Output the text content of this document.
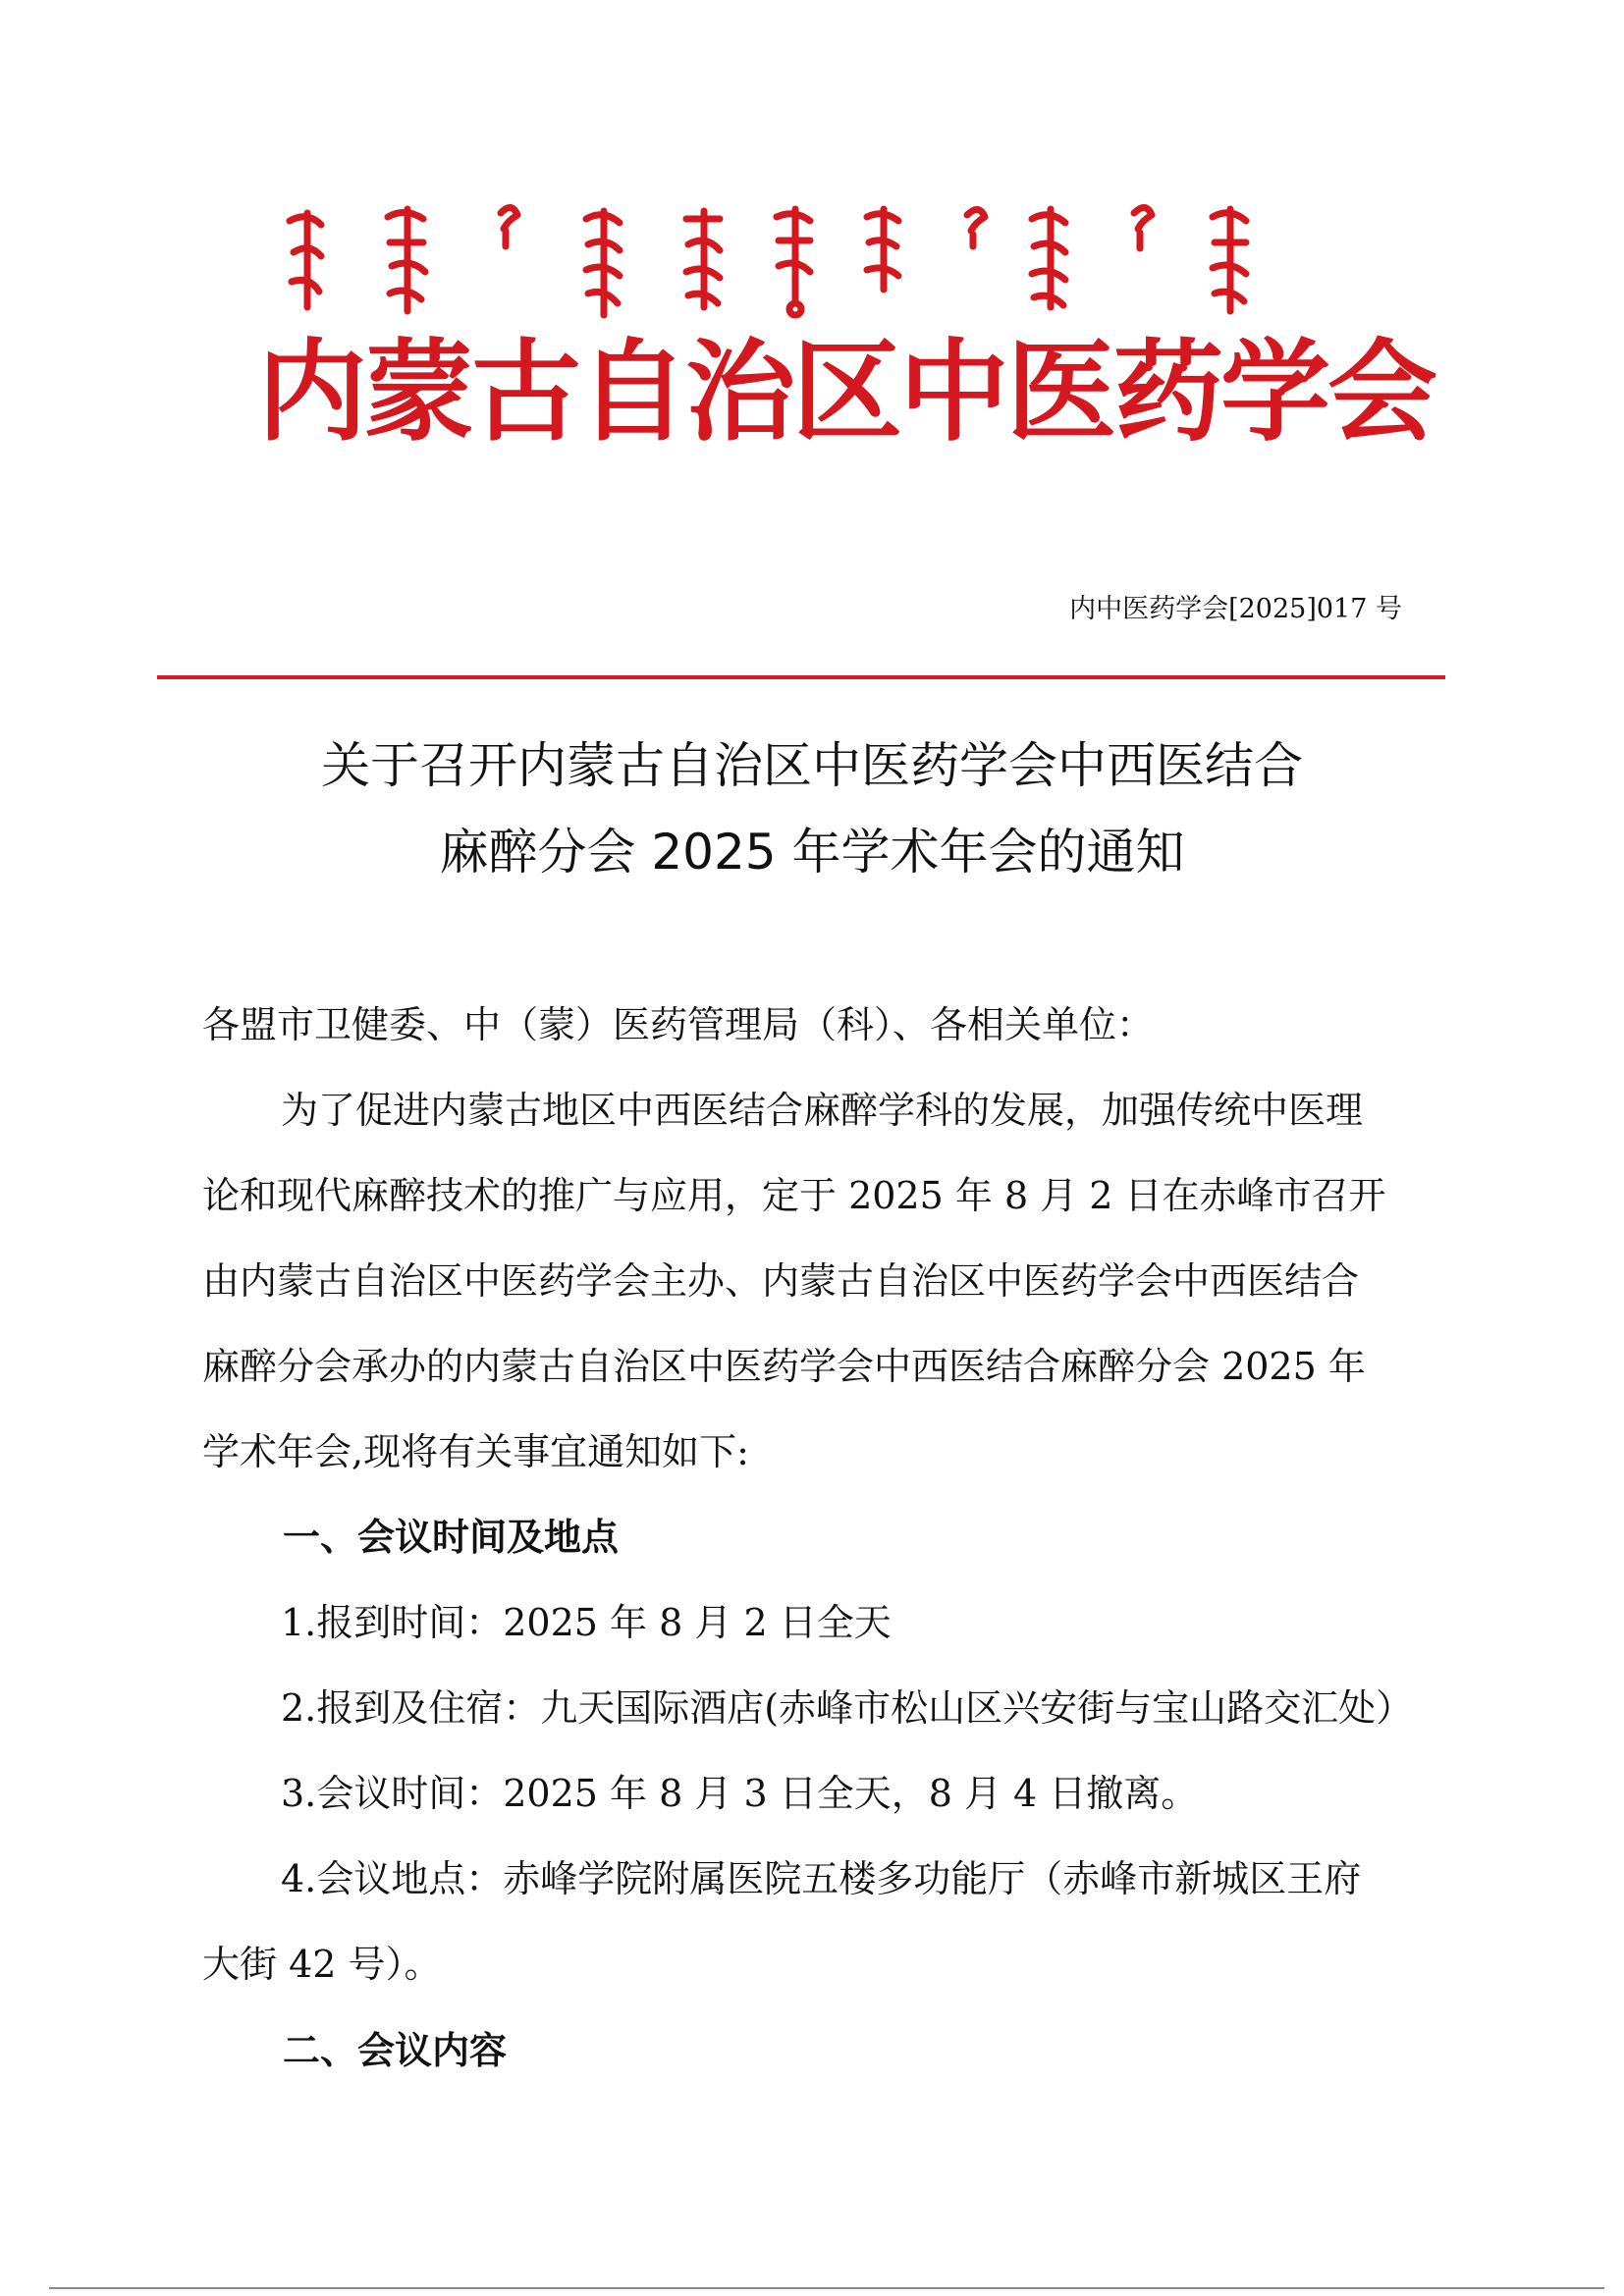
内蒙古自治区中医药学会
内中医药学会[2025]017 号
关于召开内蒙古自治区中医药学会中西医结合
麻醉分会 2025 年学术年会的通知
各盟市卫健委、中（蒙）医药管理局（科）、各相关单位：
为了促进内蒙古地区中西医结合麻醉学科的发展，加强传统中医理
论和现代麻醉技术的推广与应用，定于 2025 年 8 月 2 日在赤峰市召开
由内蒙古自治区中医药学会主办、内蒙古自治区中医药学会中西医结合
麻醉分会承办的内蒙古自治区中医药学会中西医结合麻醉分会 2025 年
学术年会,现将有关事宜通知如下:
一、会议时间及地点
1.报到时间：2025 年 8 月 2 日全天
2.报到及住宿：九天国际酒店(赤峰市松山区兴安街与宝山路交汇处）
3.会议时间：2025 年 8 月 3 日全天，8 月 4 日撤离。
4.会议地点：赤峰学院附属医院五楼多功能厅（赤峰市新城区王府
大街 42 号）。
二、会议内容
